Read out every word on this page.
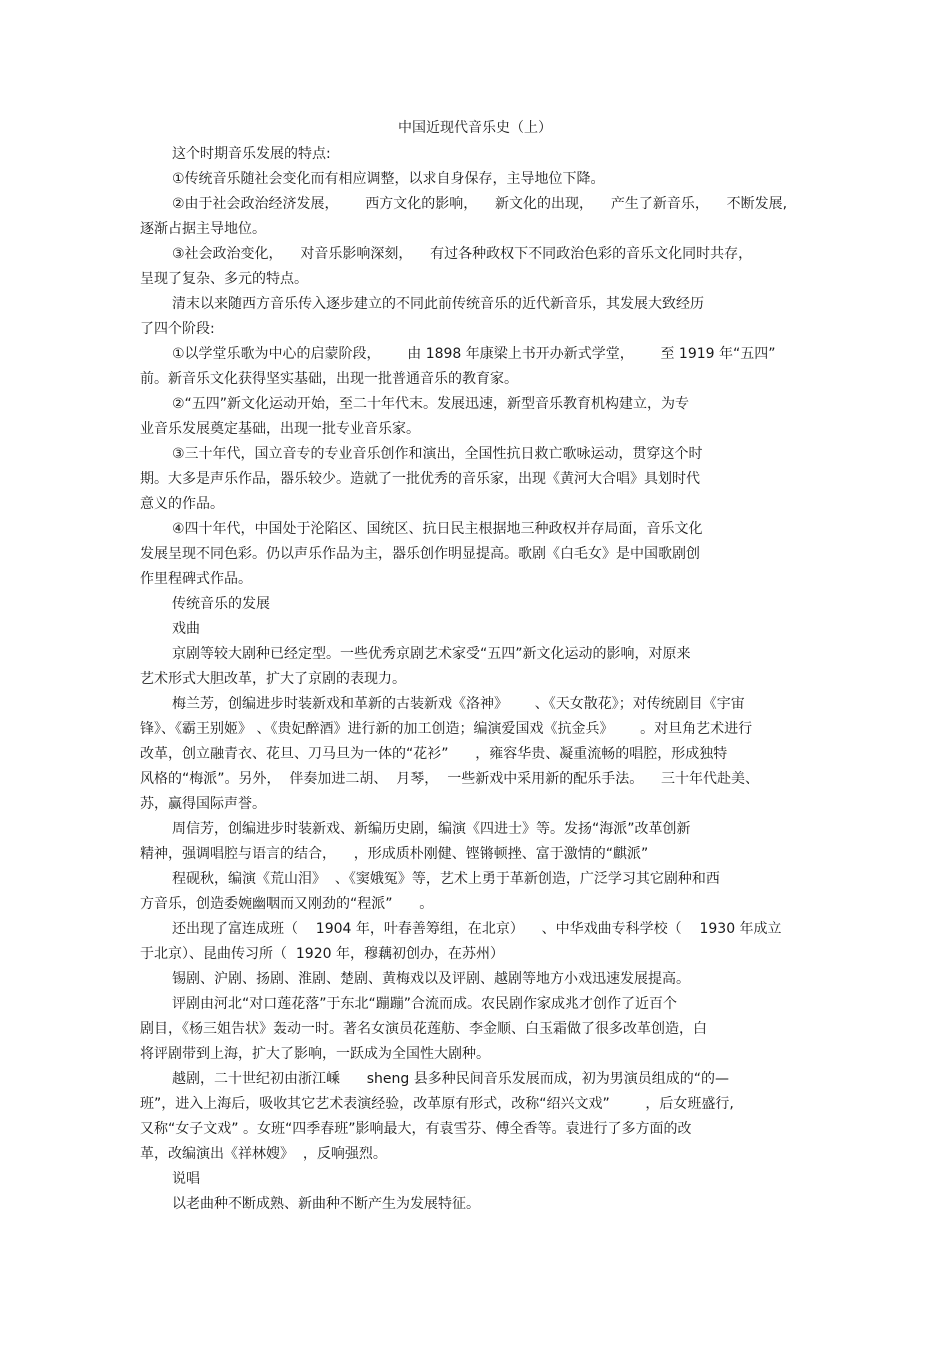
中国近现代音乐史（上）

这个时期音乐发展的特点:

①传统音乐随社会变化而有相应调整，以求自身保存，主导地位下降。

②由于社会政治经济发展，      西方文化的影响，    新文化的出现，    产生了新音乐，    不断发展,

逐渐占据主导地位。

③社会政治变化，    对音乐影响深刻，    有过各种政权下不同政治色彩的音乐文化同时共存，

呈现了复杂、多元的特点。

清末以来随西方音乐传入逐步建立的不同此前传统音乐的近代新音乐，其发展大致经历

了四个阶段:

①以学堂乐歌为中心的启蒙阶段，      由 1898 年康梁上书开办新式学堂，      至 1919 年“五四”

前。新音乐文化获得坚实基础，出现一批普通音乐的教育家。

②“五四”新文化运动开始，至二十年代末。发展迅速，新型音乐教育机构建立，为专

业音乐发展奠定基础，出现一批专业音乐家。

③三十年代，国立音专的专业音乐创作和演出，全国性抗日救亡歌咏运动，贯穿这个时

期。大多是声乐作品，器乐较少。造就了一批优秀的音乐家，出现《黄河大合唱》具划时代

意义的作品。

④四十年代，中国处于沦陷区、国统区、抗日民主根据地三种政权并存局面，音乐文化

发展呈现不同色彩。仍以声乐作品为主，器乐创作明显提高。歌剧《白毛女》是中国歌剧创

作里程碑式作品。

传统音乐的发展

戏曲

京剧等较大剧种已经定型。一些优秀京剧艺术家受“五四”新文化运动的影响，对原来

艺术形式大胆改革，扩大了京剧的表现力。

梅兰芳，创编进步时装新戏和革新的古装新戏《洛神》      、《天女散花》；对传统剧目《宇宙

锋》、《霸王别姬》 、《贵妃醉酒》进行新的加工创造；编演爱国戏《抗金兵》      。对旦角艺术进行

改革，创立融青衣、花旦、刀马旦为一体的“花衫”      ，雍容华贵、凝重流畅的唱腔，形成独特

风格的“梅派”。另外，  伴奏加进二胡、  月琴，  一些新戏中采用新的配乐手法。    三十年代赴美、

苏，赢得国际声誉。

周信芳，创编进步时装新戏、新编历史剧，编演《四进士》等。发扬“海派”改革创新

精神，强调唱腔与语言的结合，    ，形成质朴刚健、铿锵顿挫、富于激情的“麒派”

程砚秋，编演《荒山泪》  、《窦娥冤》等，艺术上勇于革新创造，广泛学习其它剧种和西

方音乐，创造委婉幽咽而又刚劲的“程派”      。

还出现了富连成班（    1904 年，叶春善筹组，在北京）    、中华戏曲专科学校（    1930 年成立

于北京）、昆曲传习所（  1920 年，穆藕初创办，在苏州）

锡剧、沪剧、扬剧、淮剧、楚剧、黄梅戏以及评剧、越剧等地方小戏迅速发展提高。

评剧由河北“对口莲花落”于东北“蹦蹦”合流而成。农民剧作家成兆才创作了近百个

剧目，《杨三姐告状》轰动一时。著名女演员花莲舫、李金顺、白玉霜做了很多改革创造，白

将评剧带到上海，扩大了影响，一跃成为全国性大剧种。

越剧，二十世纪初由浙江嵊      sheng 县多种民间音乐发展而成，初为男演员组成的“的—

班”，进入上海后，吸收其它艺术表演经验，改革原有形式，改称“绍兴文戏”        ，后女班盛行,

又称“女子文戏” 。女班“四季春班”影响最大，有袁雪芬、傅全香等。袁进行了多方面的改

革，改编演出《祥林嫂》  ，反响强烈。

说唱

以老曲种不断成熟、新曲种不断产生为发展特征。
